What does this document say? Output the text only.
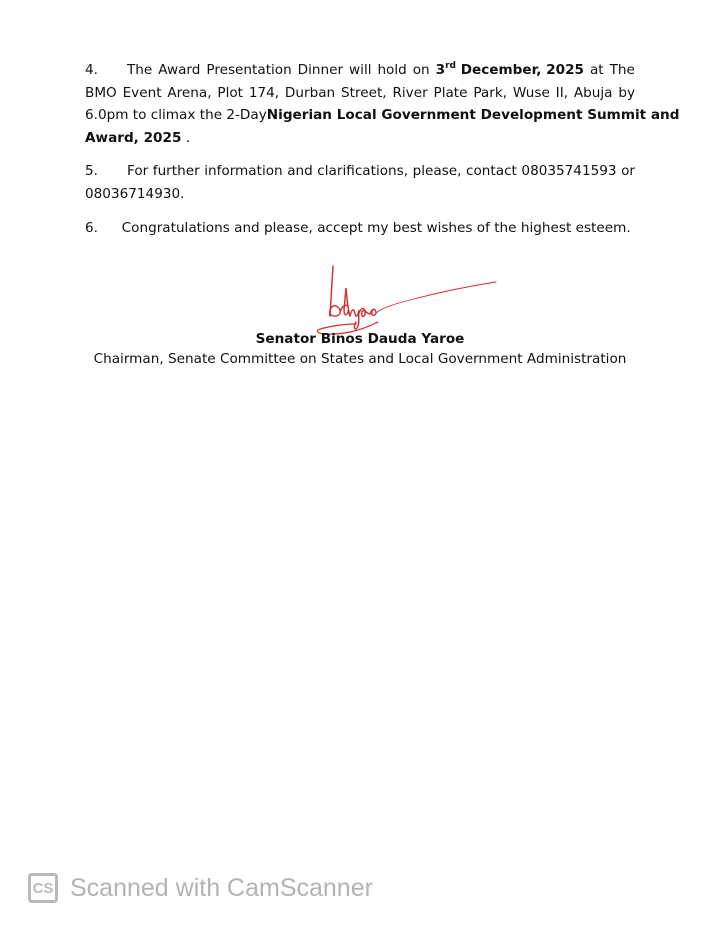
4. The Award Presentation Dinner will hold on 3rd December, 2025 at The
BMO Event Arena, Plot 174, Durban Street, River Plate Park, Wuse II, Abuja by
6.0pm to climax the 2-Day Nigerian Local Government Development Summit and
Award, 2025 .
5.	For further information and clarifications, please, contact 08035741593 or
08036714930.
6.	Congratulations and please, accept my best wishes of the highest esteem.
Senator Binos Dauda Yaroe
Chairman, Senate Committee on States and Local Government Administration
CS Scanned with CamScanner
